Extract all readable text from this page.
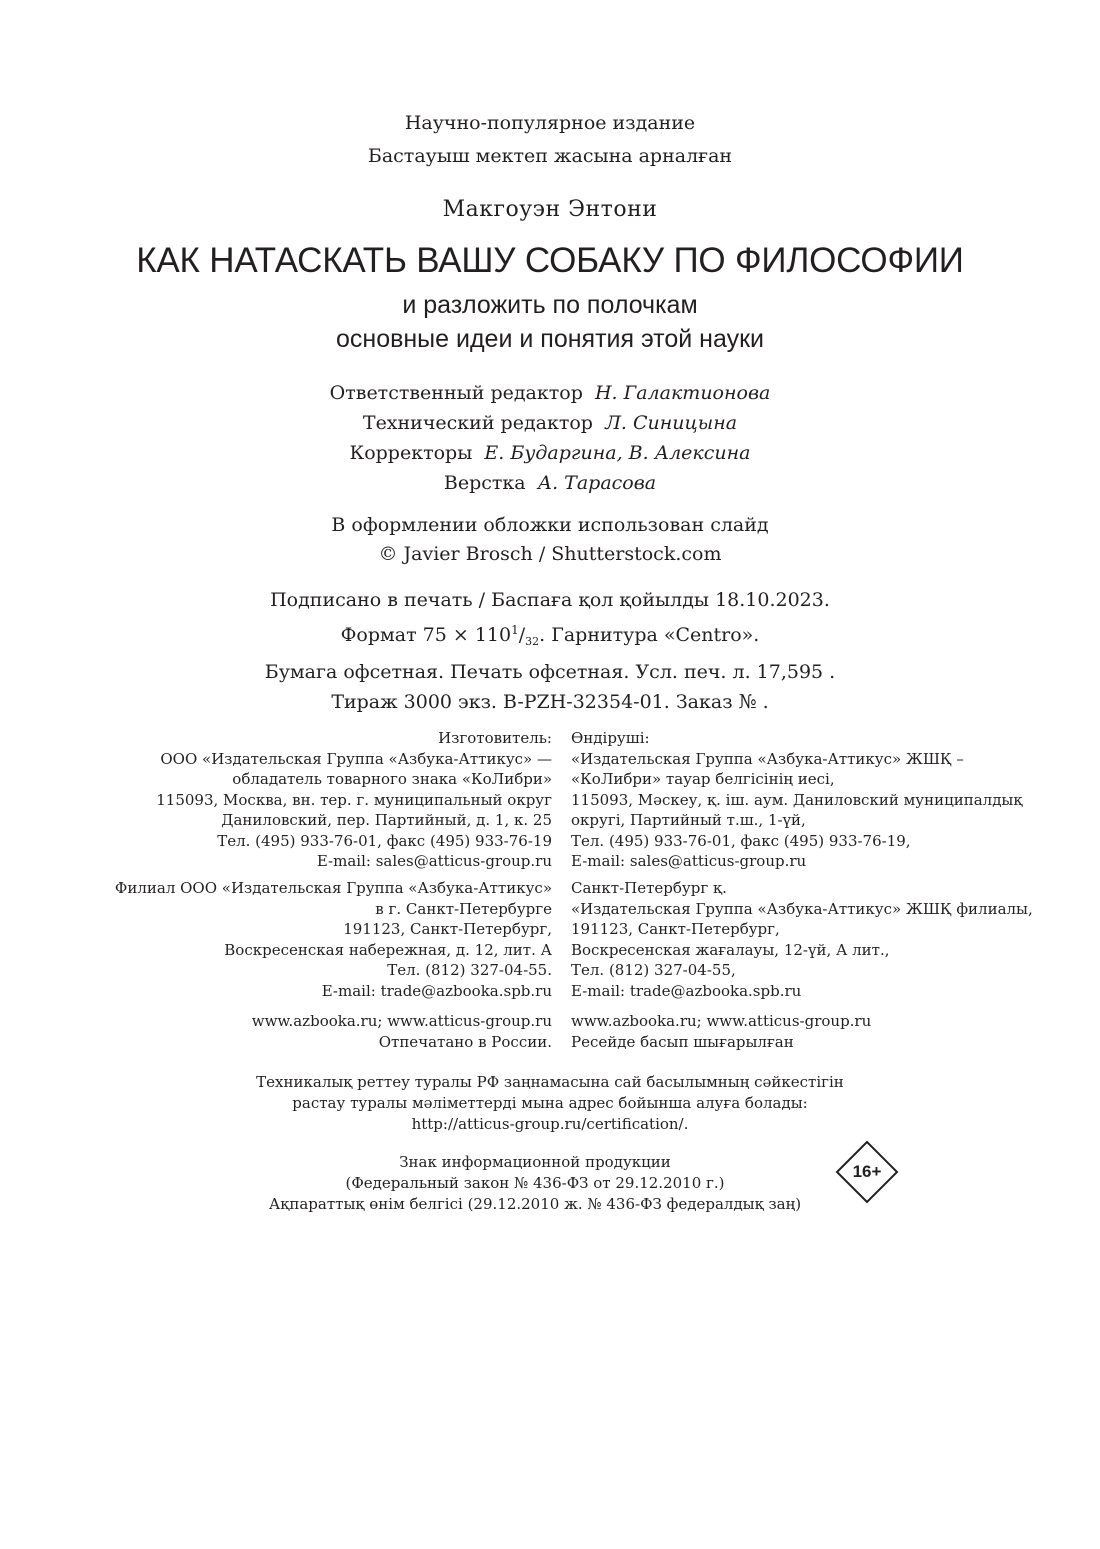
Научно-популярное издание
Бастауыш мектеп жасына арналған
Макгоуэн Энтони
КАК НАТАСКАТЬ ВАШУ СОБАКУ ПО ФИЛОСОФИИ
и разложить по полочкам
основные идеи и понятия этой науки
Ответственный редактор Н. Галактионова
Технический редактор Л. Синицына
Корректоры Е. Бударгина, В. Алексина
Верстка А. Тарасова
В оформлении обложки использован слайд
© Javier Brosch / Shutterstock.com
Подписано в печать / Баспаға қол қойылды 18.10.2023.
Формат $75 \times 110^1/_{32}$. Гарнитура «Centro».
Бумага офсетная. Печать офсетная. Усл. печ. л. 17,595 .
Тираж 3000 экз. B-PZH-32354-01. Заказ № .
Изготовитель:
ООО «Издательская Группа «Азбука-Аттикус» —
обладатель товарного знака «КоЛибри»
115093, Москва, вн. тер. г. муниципальный округ
Даниловский, пер. Партийный, д. 1, к. 25
Тел. (495) 933-76-01, факс (495) 933-76-19
E-mail: sales@atticus-group.ru
Өндіруші:
«Издательская Группа «Азбука-Аттикус» ЖШҚ –
«КоЛибри» тауар белгісінің иесі,
115093, Мәскеу, қ. іш. аум. Даниловский муниципалдық
округі, Партийный т.ш., 1-үй,
Тел. (495) 933-76-01, факс (495) 933-76-19,
E-mail: sales@atticus-group.ru
Филиал ООО «Издательская Группа «Азбука-Аттикус»
в г. Санкт-Петербурге
191123, Санкт-Петербург,
Воскресенская набережная, д. 12, лит. А
Тел. (812) 327-04-55.
E-mail: trade@azbooka.spb.ru
Санкт-Петербург қ.
«Издательская Группа «Азбука-Аттикус» ЖШҚ филиалы,
191123, Санкт-Петербург,
Воскресенская жағалауы, 12-үй, А лит.,
Тел. (812) 327-04-55,
E-mail: trade@azbooka.spb.ru
www.azbooka.ru; www.atticus-group.ru
Отпечатано в России.
www.azbooka.ru; www.atticus-group.ru
Ресейде басып шығарылған
Техникалық реттеу туралы РФ заңнамасына сай басылымның сәйкестігін
растау туралы мәліметтерді мына адрес бойынша алуға болады:
http://atticus-group.ru/certification/.
Знак информационной продукции
(Федеральный закон № 436-ФЗ от 29.12.2010 г.)
Ақпараттық өнім белгісі (29.12.2010 ж. № 436-ФЗ федералдық заң)
16+
